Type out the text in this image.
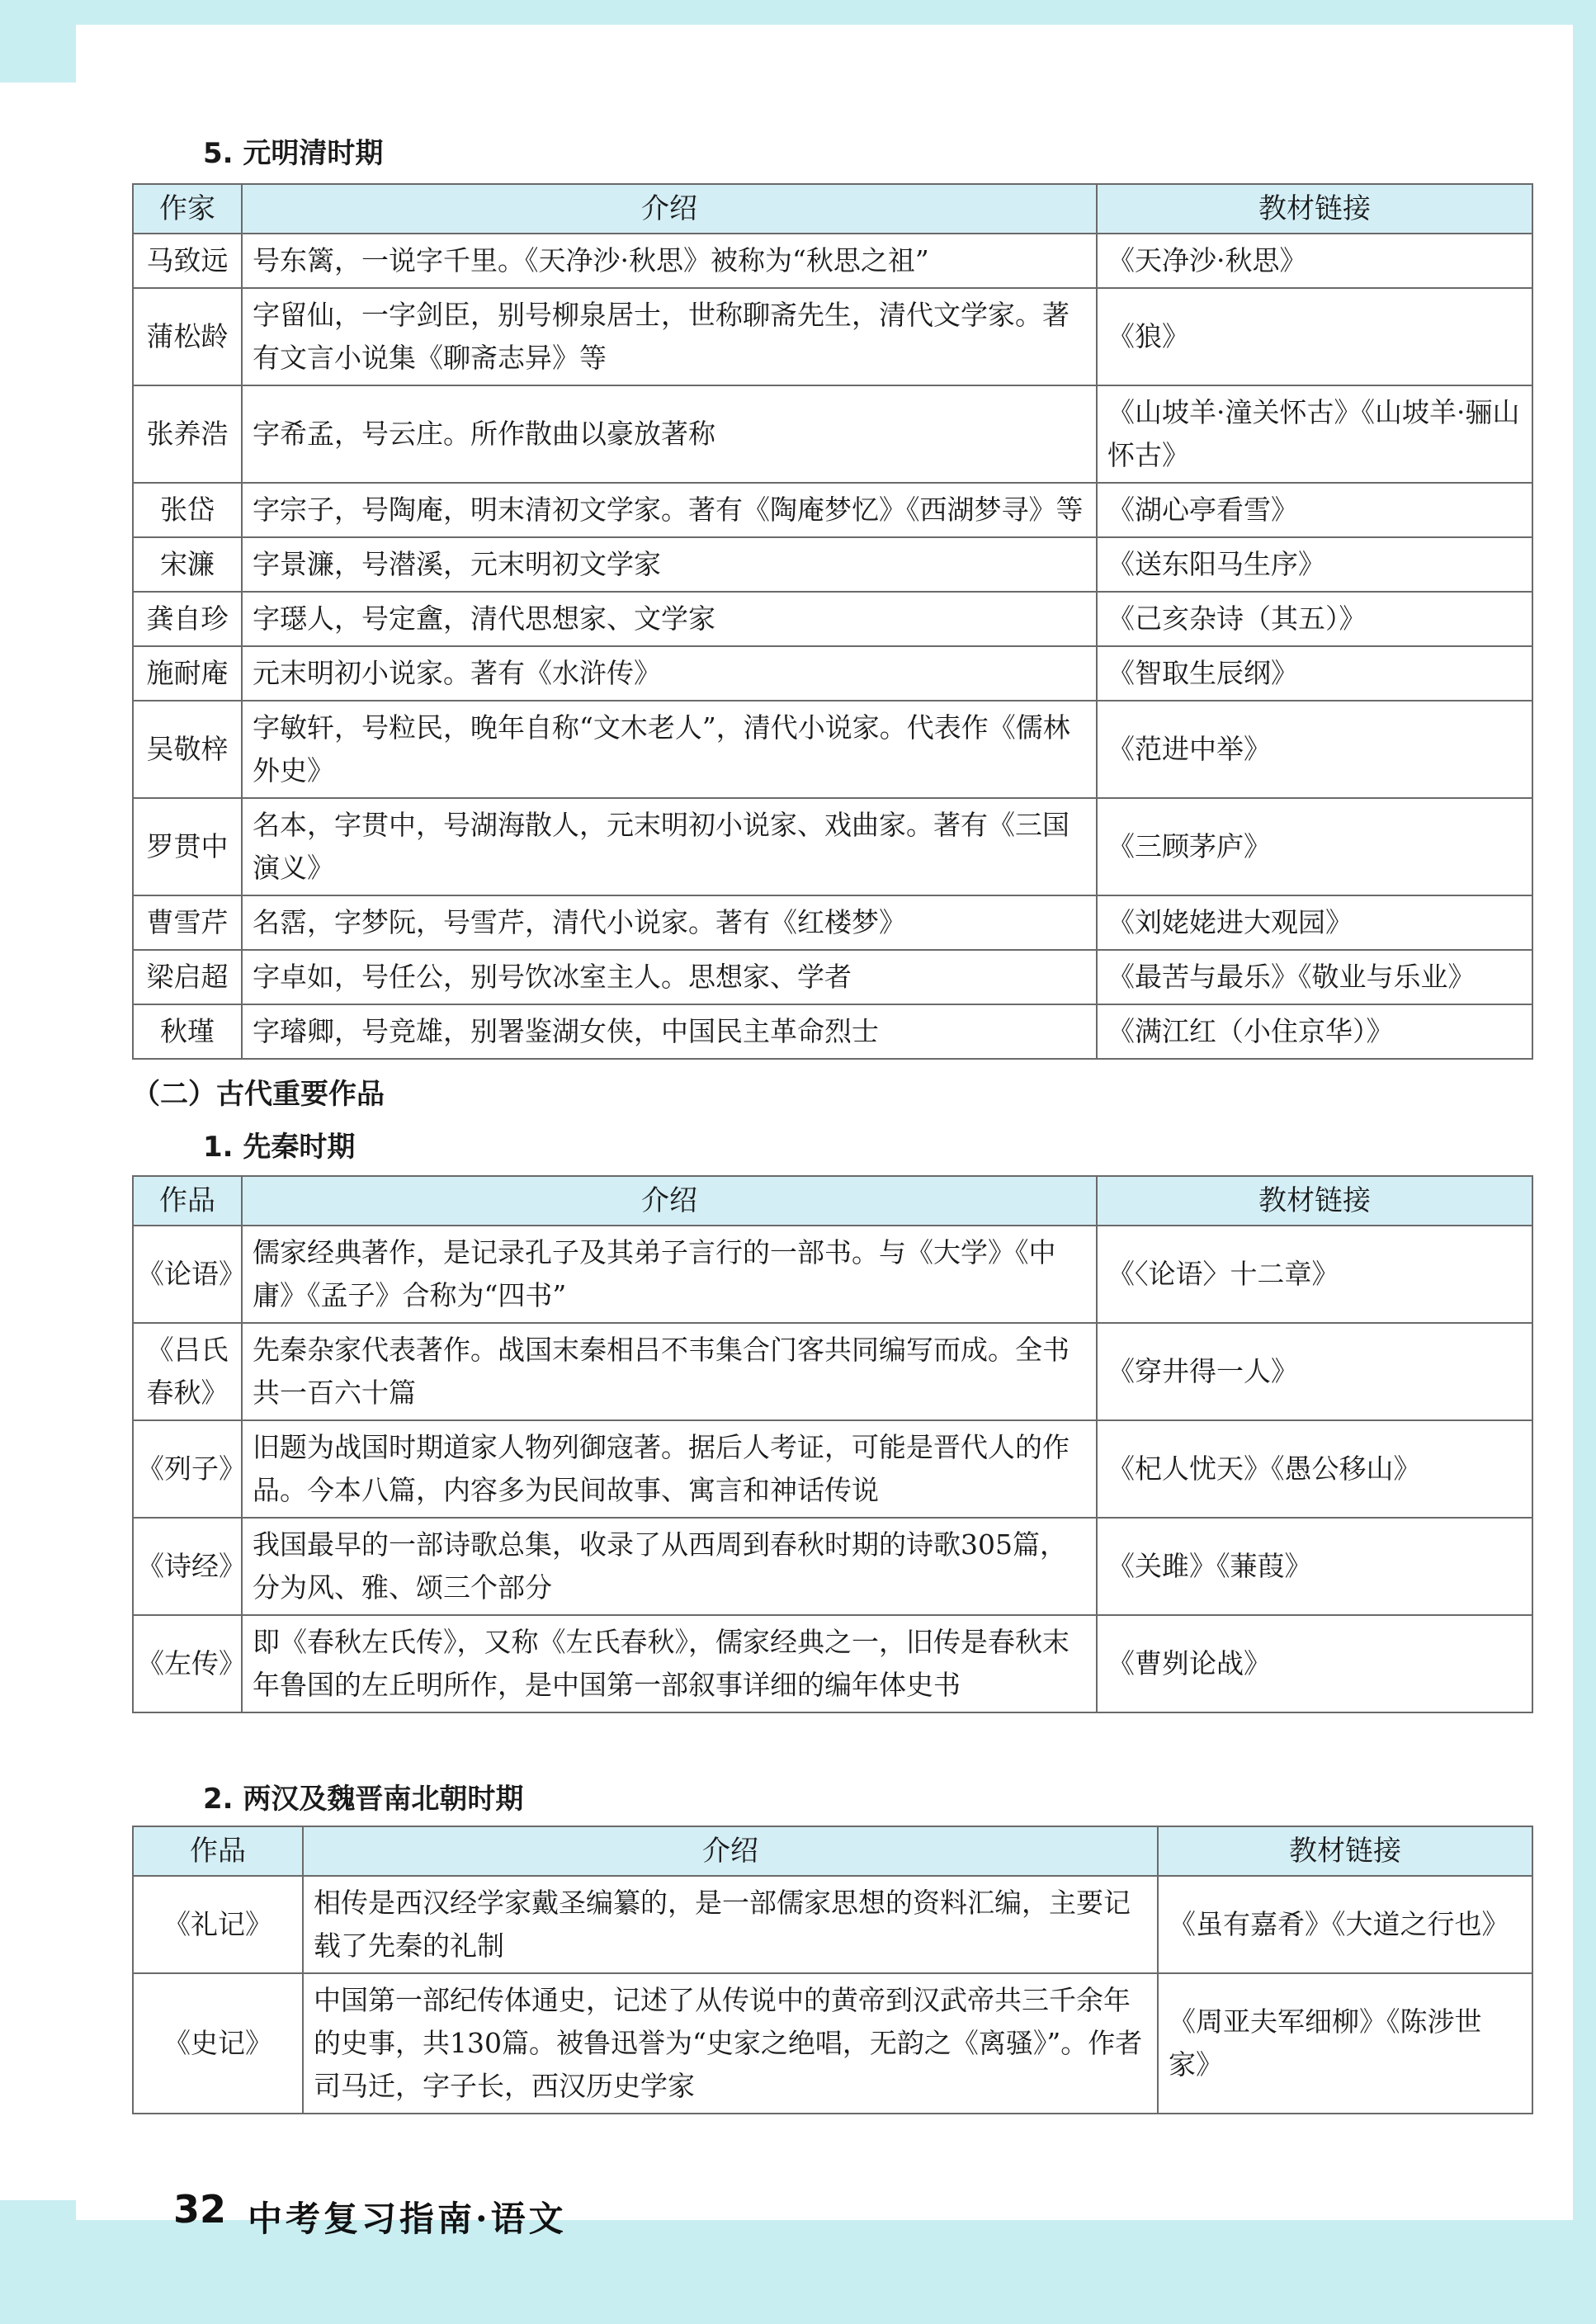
5. 元明清时期
作家	介绍	教材链接
马致远	号东篱，一说字千里。《天净沙·秋思》被称为“秋思之祖”	《天净沙·秋思》
蒲松龄	字留仙，一字剑臣，别号柳泉居士，世称聊斋先生，清代文学家。著有文言小说集《聊斋志异》等	《狼》
张养浩	字希孟，号云庄。所作散曲以豪放著称	《山坡羊·潼关怀古》《山坡羊·骊山怀古》
张岱	字宗子，号陶庵，明末清初文学家。著有《陶庵梦忆》《西湖梦寻》等	《湖心亭看雪》
宋濂	字景濂，号潜溪，元末明初文学家	《送东阳马生序》
龚自珍	字璱人，号定盦，清代思想家、文学家	《己亥杂诗（其五）》
施耐庵	元末明初小说家。著有《水浒传》	《智取生辰纲》
吴敬梓	字敏轩，号粒民，晚年自称“文木老人”，清代小说家。代表作《儒林外史》	《范进中举》
罗贯中	名本，字贯中，号湖海散人，元末明初小说家、戏曲家。著有《三国演义》	《三顾茅庐》
曹雪芹	名霑，字梦阮，号雪芹，清代小说家。著有《红楼梦》	《刘姥姥进大观园》
梁启超	字卓如，号任公，别号饮冰室主人。思想家、学者	《最苦与最乐》《敬业与乐业》
秋瑾	字璿卿，号竞雄，别署鉴湖女侠，中国民主革命烈士	《满江红（小住京华）》
（二）古代重要作品
1. 先秦时期
作品	介绍	教材链接
《论语》	儒家经典著作，是记录孔子及其弟子言行的一部书。与《大学》《中庸》《孟子》合称为“四书”	《〈论语〉十二章》
《吕氏春秋》	先秦杂家代表著作。战国末秦相吕不韦集合门客共同编写而成。全书共一百六十篇	《穿井得一人》
《列子》	旧题为战国时期道家人物列御寇著。据后人考证，可能是晋代人的作品。今本八篇，内容多为民间故事、寓言和神话传说	《杞人忧天》《愚公移山》
《诗经》	我国最早的一部诗歌总集，收录了从西周到春秋时期的诗歌305篇，分为风、雅、颂三个部分	《关雎》《蒹葭》
《左传》	即《春秋左氏传》，又称《左氏春秋》，儒家经典之一，旧传是春秋末年鲁国的左丘明所作，是中国第一部叙事详细的编年体史书	《曹刿论战》
2. 两汉及魏晋南北朝时期
作品	介绍	教材链接
《礼记》	相传是西汉经学家戴圣编纂的，是一部儒家思想的资料汇编，主要记载了先秦的礼制	《虽有嘉肴》《大道之行也》
《史记》	中国第一部纪传体通史，记述了从传说中的黄帝到汉武帝共三千余年的史事，共130篇。被鲁迅誉为“史家之绝唱，无韵之《离骚》”。作者司马迁，字子长，西汉历史学家	《周亚夫军细柳》《陈涉世家》
32 中考复习指南·语文
